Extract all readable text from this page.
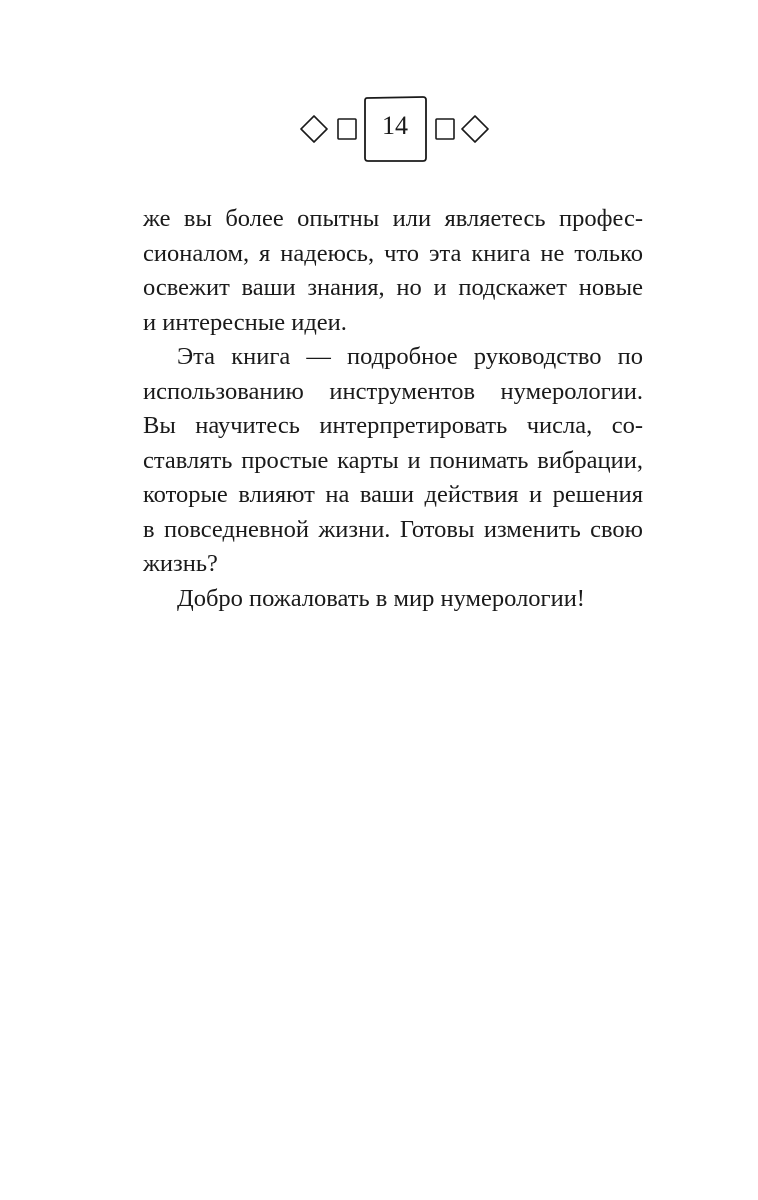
14

же вы более опытны или являетесь профес-
сионалом, я надеюсь, что эта книга не только
освежит ваши знания, но и подскажет новые
и интересные идеи.

Эта книга — подробное руководство по
использованию инструментов нумерологии.
Вы научитесь интерпретировать числа, со-
ставлять простые карты и понимать вибрации,
которые влияют на ваши действия и решения
в повседневной жизни. Готовы изменить свою
жизнь?

Добро пожаловать в мир нумерологии!
